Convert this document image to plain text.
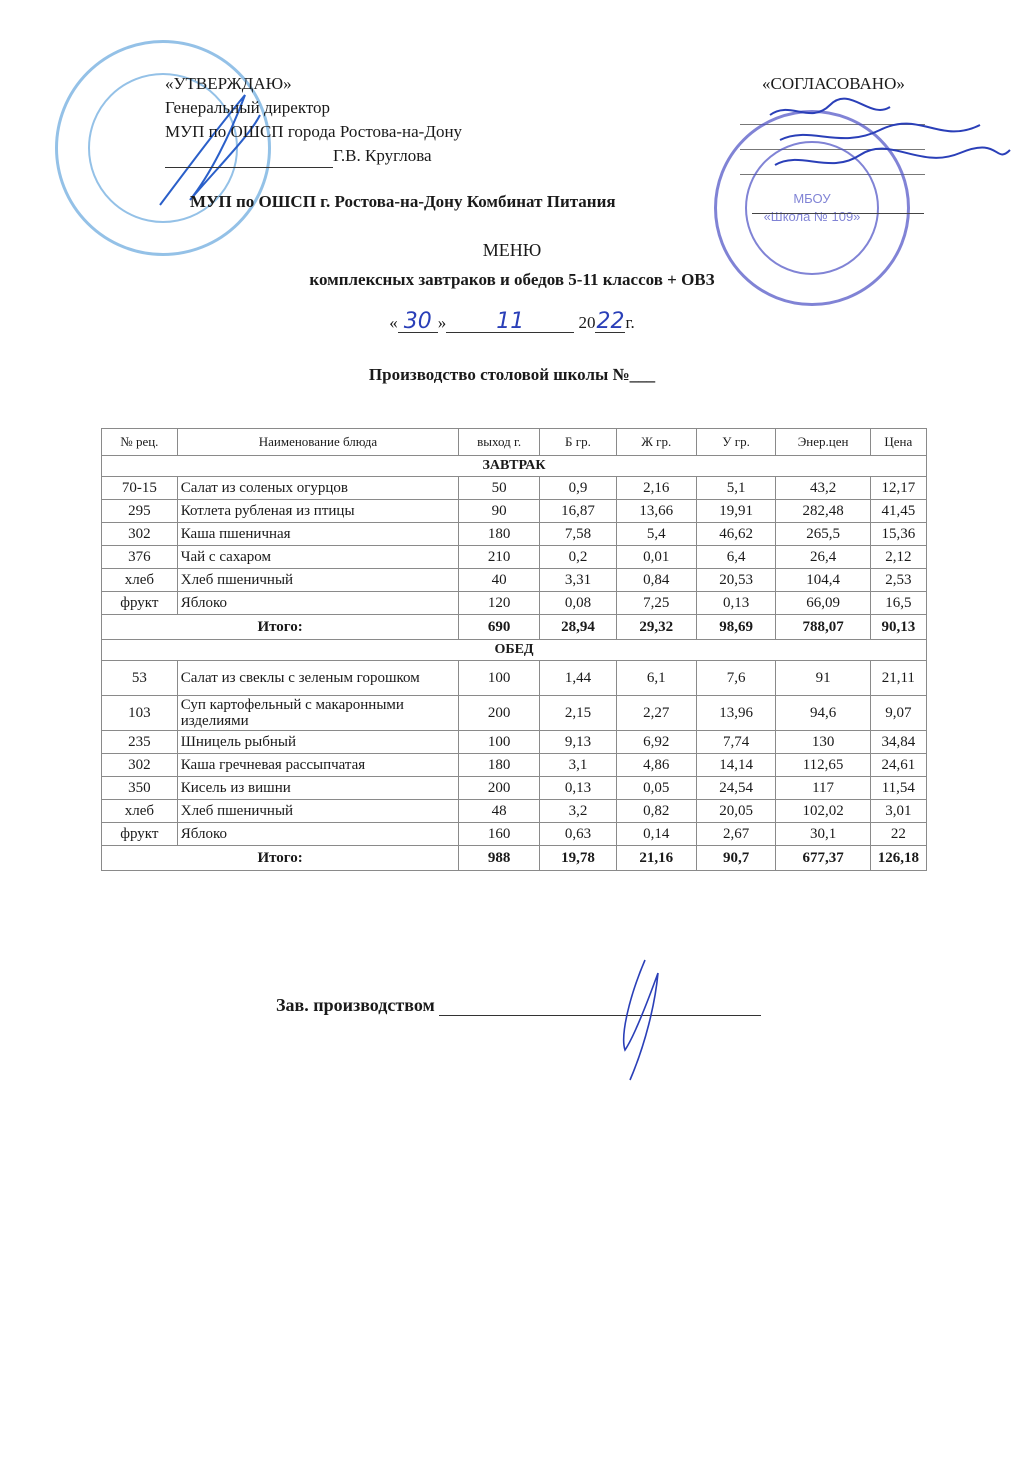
«УТВЕРЖДАЮ»
Генеральный директор
МУП по ОШСП города Ростова-на-Дону
Г.В. Круглова
«СОГЛАСОВАНО»
МБОУ
«Школа № 109»
МУП по ОШСП г. Ростова-на-Дону Комбинат Питания
МЕНЮ
комплексных завтраков и обедов 5-11 классов + ОВЗ
« 30 » 11	2022г.
Производство столовой школы №___
№ рец.	Наименование блюда	выход г.	Б гр.	Ж гр.	У гр.	Энер.цен	Цена
ЗАВТРАК							
70-15	Салат из соленых огурцов	50	0,9	2,16	5,1	43,2	12,17
295	Котлета рубленая из птицы	90	16,87	13,66	19,91	282,48	41,45
302	Каша пшеничная	180	7,58	5,4	46,62	265,5	15,36
376	Чай с сахаром	210	0,2	0,01	6,4	26,4	2,12
хлеб	Хлеб пшеничный	40	3,31	0,84	20,53	104,4	2,53
фрукт	Яблоко	120	0,08	7,25	0,13	66,09	16,5
Итого:		690	28,94	29,32	98,69	788,07	90,13
ОБЕД							
53	Салат из свеклы с зеленым горошком	100	1,44	6,1	7,6	91	21,11
103	Суп картофельный с макаронными изделиями	200	2,15	2,27	13,96	94,6	9,07
235	Шницель рыбный	100	9,13	6,92	7,74	130	34,84
302	Каша гречневая рассыпчатая	180	3,1	4,86	14,14	112,65	24,61
350	Кисель из вишни	200	0,13	0,05	24,54	117	11,54
хлеб	Хлеб пшеничный	48	3,2	0,82	20,05	102,02	3,01
фрукт	Яблоко	160	0,63	0,14	2,67	30,1	22
Итого:		988	19,78	21,16	90,7	677,37	126,18
Зав. производством
